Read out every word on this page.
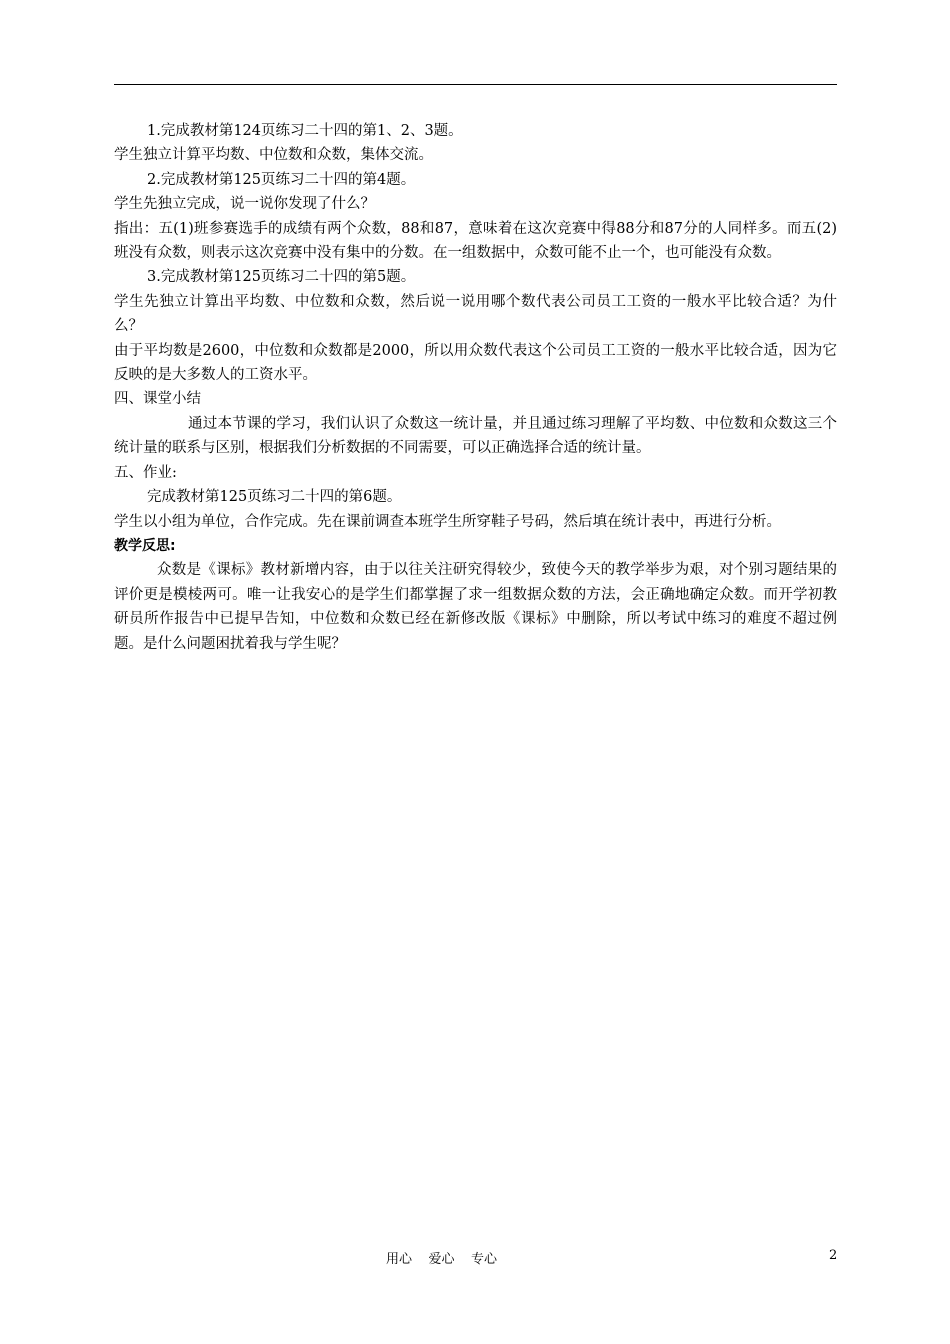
1.完成教材第124页练习二十四的第1、2、3题。

学生独立计算平均数、中位数和众数，集体交流。

2.完成教材第125页练习二十四的第4题。

学生先独立完成，说一说你发现了什么？

指出：五(1)班参赛选手的成绩有两个众数，88和87，意味着在这次竞赛中得88分和87分的人同样多。而五(2)班没有众数，则表示这次竞赛中没有集中的分数。在一组数据中，众数可能不止一个，也可能没有众数。

3.完成教材第125页练习二十四的第5题。

学生先独立计算出平均数、中位数和众数，然后说一说用哪个数代表公司员工工资的一般水平比较合适？为什么？

由于平均数是2600，中位数和众数都是2000，所以用众数代表这个公司员工工资的一般水平比较合适，因为它反映的是大多数人的工资水平。

四、课堂小结

通过本节课的学习，我们认识了众数这一统计量，并且通过练习理解了平均数、中位数和众数这三个统计量的联系与区别，根据我们分析数据的不同需要，可以正确选择合适的统计量。

五、作业:

完成教材第125页练习二十四的第6题。

学生以小组为单位，合作完成。先在课前调查本班学生所穿鞋子号码，然后填在统计表中，再进行分析。

教学反思:

众数是《课标》教材新增内容，由于以往关注研究得较少，致使今天的教学举步为艰，对个别习题结果的评价更是模棱两可。唯一让我安心的是学生们都掌握了求一组数据众数的方法，会正确地确定众数。而开学初教研员所作报告中已提早告知，中位数和众数已经在新修改版《课标》中删除，所以考试中练习的难度不超过例题。是什么问题困扰着我与学生呢？

用心    爱心    专心	2
